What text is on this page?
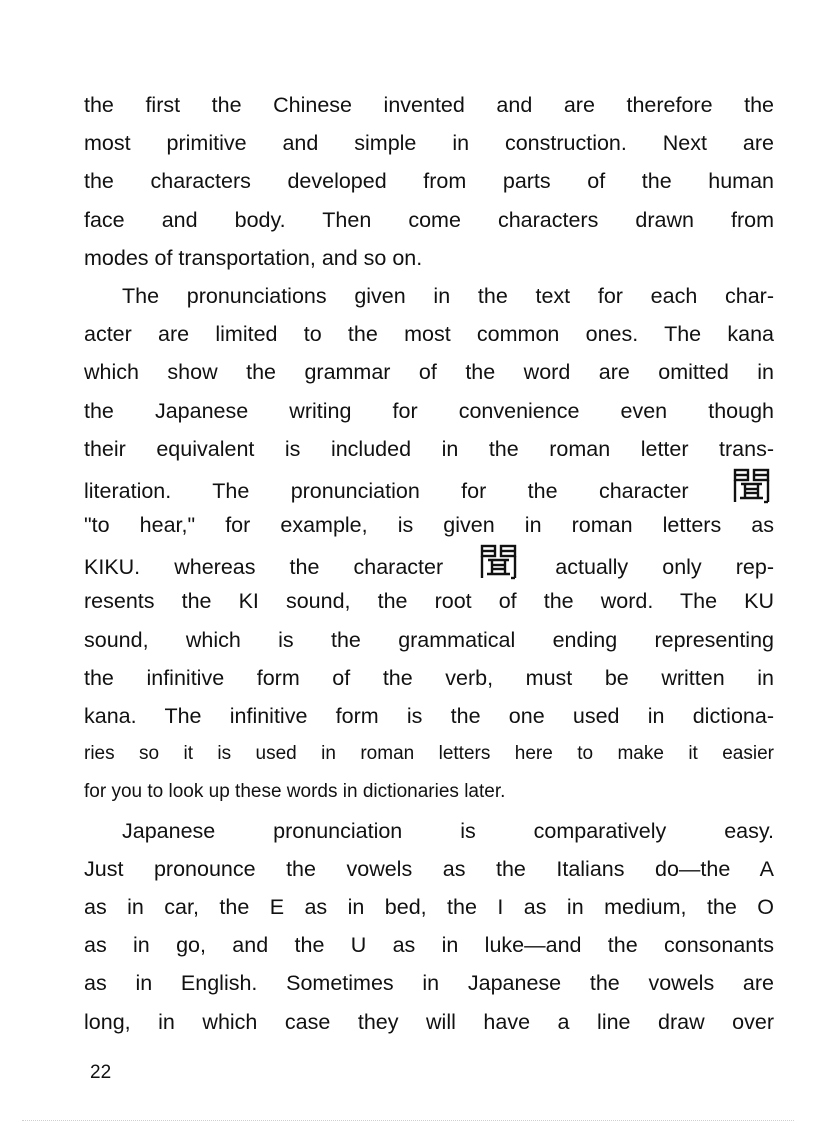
the first the Chinese invented and are therefore the
most primitive and simple in construction. Next are
the characters developed from parts of the human
face and body. Then come characters drawn from
modes of transportation, and so on.
The pronunciations given in the text for each char-
acter are limited to the most common ones. The kana
which show the grammar of the word are omitted in
the Japanese writing for convenience even though
their equivalent is included in the roman letter trans-
literation. The pronunciation for the character
"to hear," for example, is given in roman letters as
KIKU. whereas the character	actually only rep-
resents the KI sound, the root of the word. The KU
sound, which is the grammatical ending representing
the infinitive form of the verb, must be written in
kana. The infinitive form is the one used in dictiona-
ries so it is used in roman letters here to make it easier
for you to look up these words in dictionaries later.
Japanese pronunciation is comparatively easy.
Just pronounce the vowels as the Italians do—the A
as in car, the E as in bed, the I as in medium, the O
as in go, and the U as in luke—and the consonants
as in English. Sometimes in Japanese the vowels are
long, in which case they will have a line draw over
22
